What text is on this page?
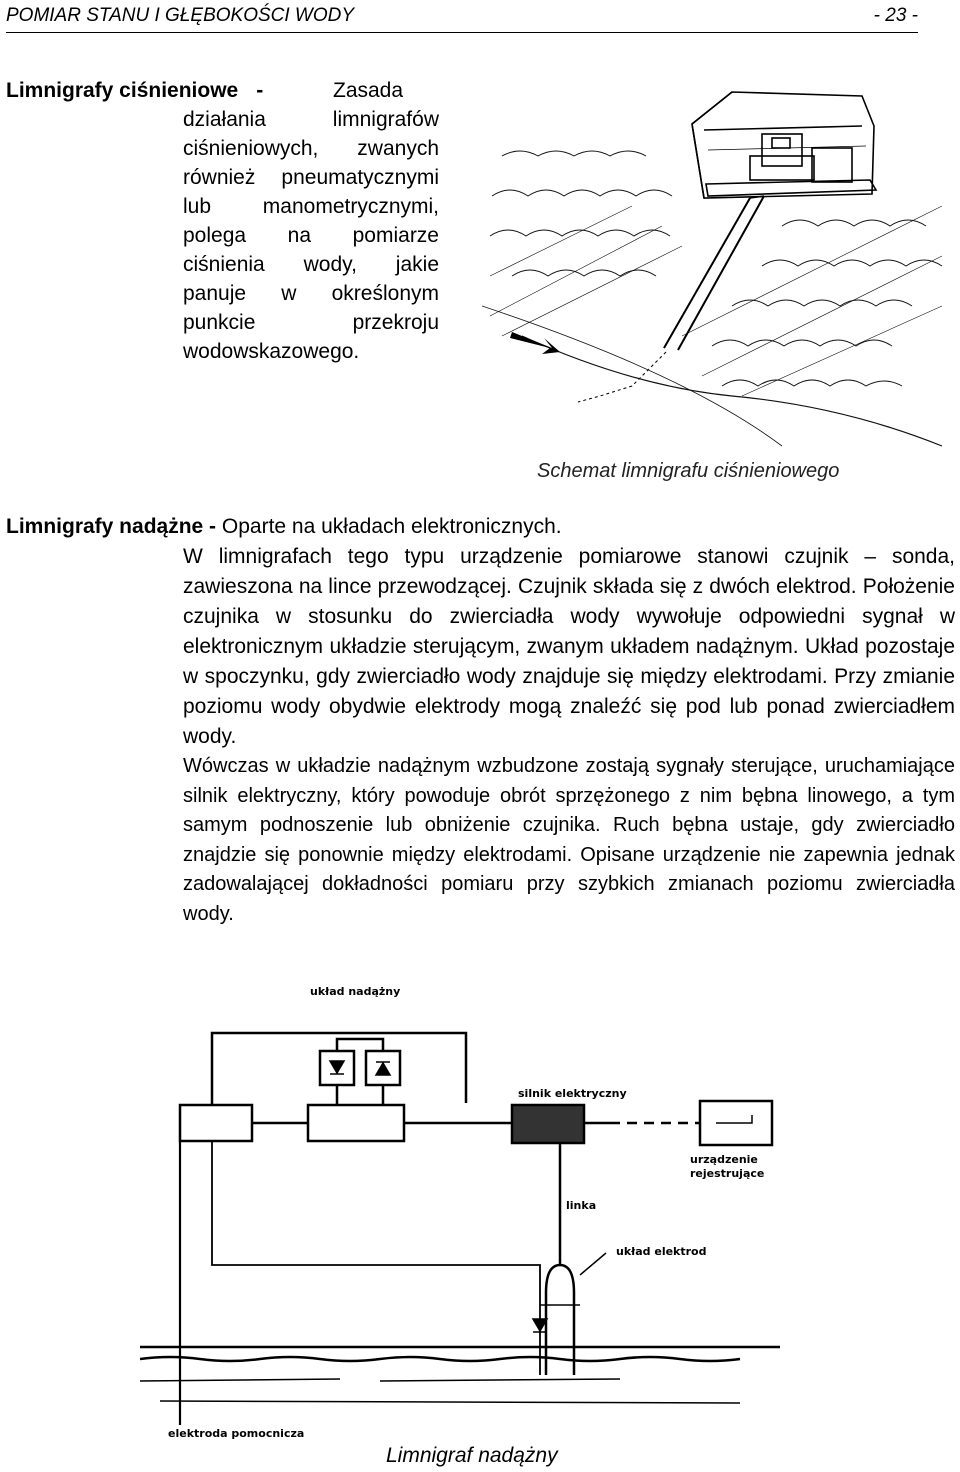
POMIAR STANU I GŁĘBOKOŚCI WODY	- 23 -
Limnigrafy ciśnieniowe -	Zasada działania limnigrafów ciśnieniowych, zwanych również pneumatycznymi lub manometrycznymi, polega na pomiarze ciśnienia wody, jakie panuje w określonym punkcie przekroju wodowskazowego.
Schemat limnigrafu ciśnieniowego
Limnigrafy nadążne - Oparte na układach elektronicznych.
W limnigrafach tego typu urządzenie pomiarowe stanowi czujnik – sonda, zawieszona na lince przewodzącej. Czujnik składa się z dwóch elektrod. Położenie czujnika w stosunku do zwierciadła wody wywołuje odpowiedni sygnał w elektronicznym układzie sterującym, zwanym układem nadążnym. Układ pozostaje w spoczynku, gdy zwierciadło wody znajduje się między elektrodami. Przy zmianie poziomu wody obydwie elektrody mogą znaleźć się pod lub ponad zwierciadłem wody.
Wówczas w układzie nadążnym wzbudzone zostają sygnały sterujące, uruchamiające silnik elektryczny, który powoduje obrót sprzężonego z nim bębna linowego, a tym samym podnoszenie lub obniżenie czujnika. Ruch bębna ustaje, gdy zwierciadło znajdzie się ponownie między elektrodami. Opisane urządzenie nie zapewnia jednak zadowalającej dokładności pomiaru przy szybkich zmianach poziomu zwierciadła wody.
układ nadążny
silnik elektryczny
urządzenie
rejestrujące
linka
układ elektrod
elektroda pomocnicza
Limnigraf nadążny
